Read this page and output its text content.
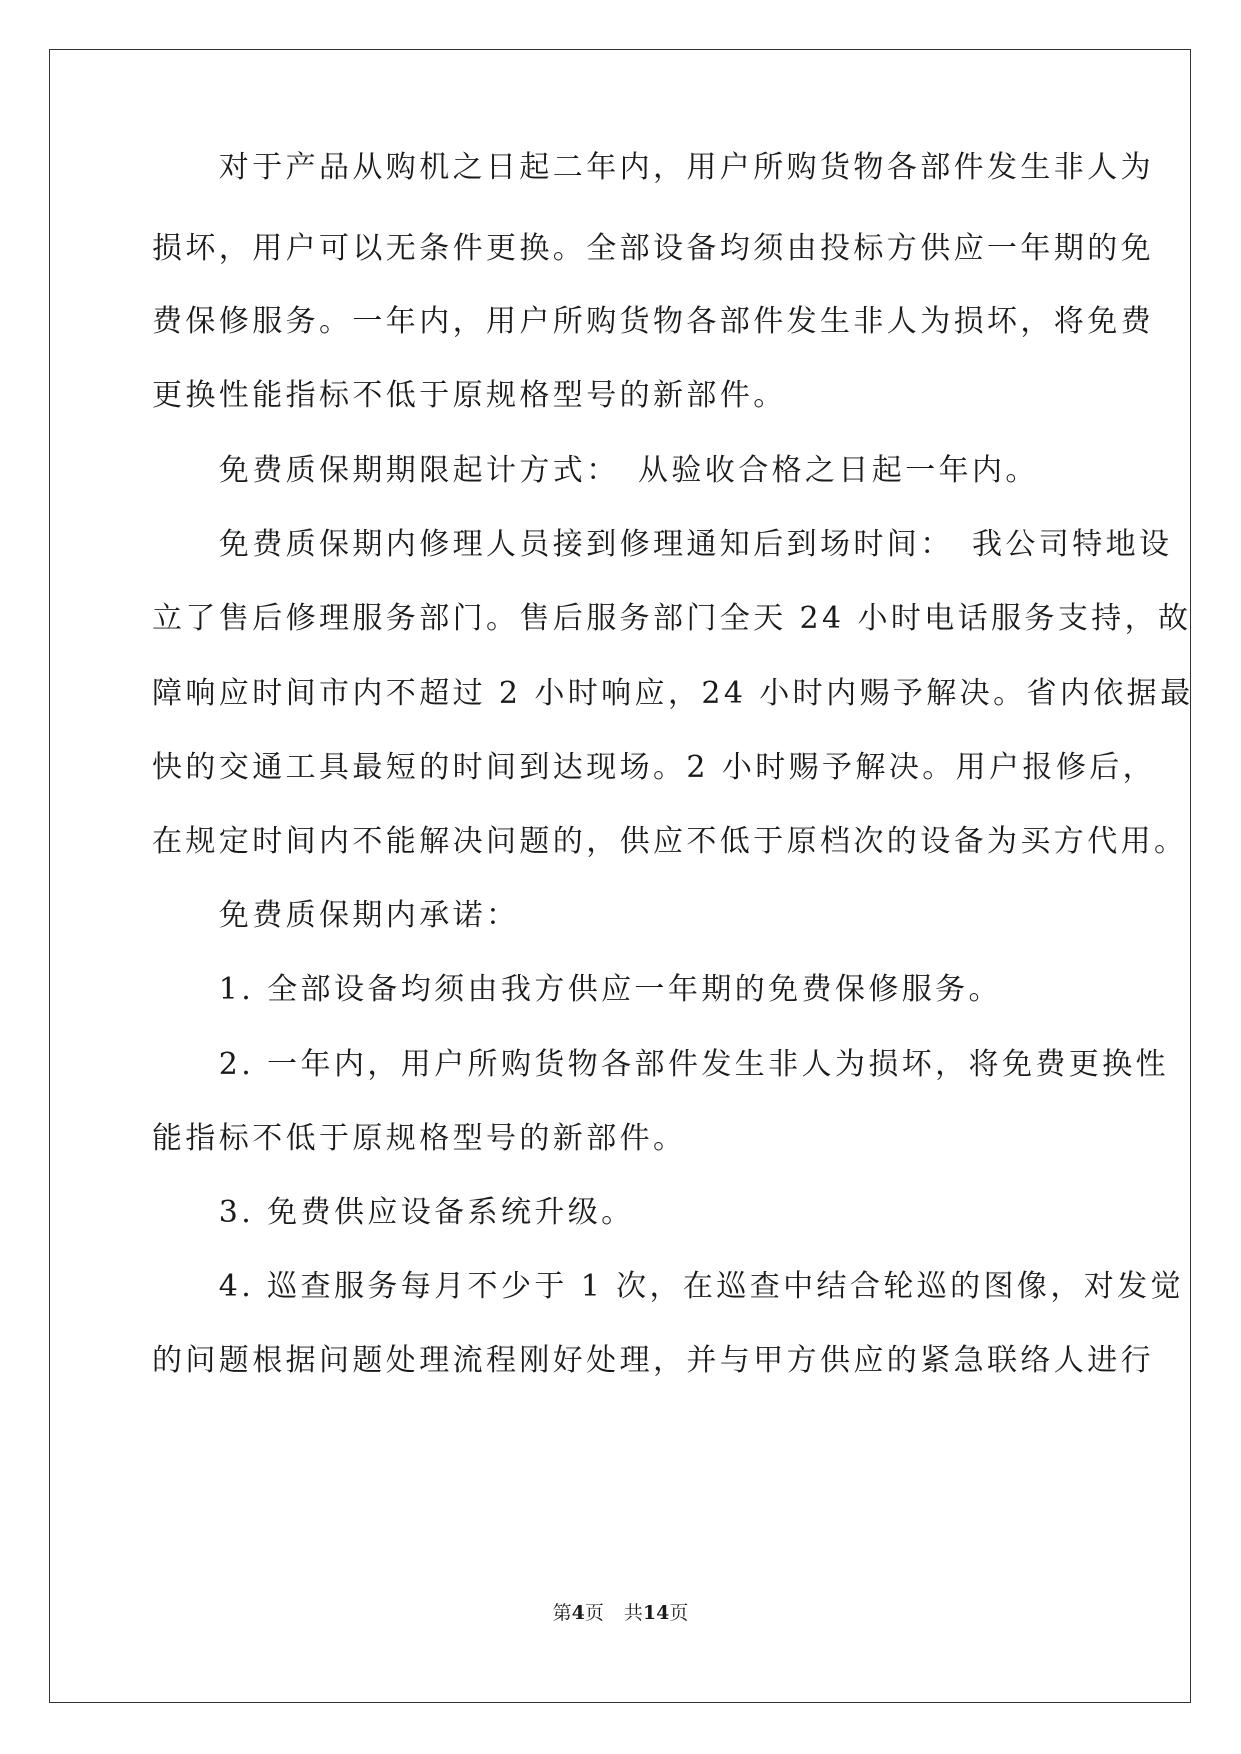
　　对于产品从购机之日起二年内，用户所购货物各部件发生非人为
损坏，用户可以无条件更换。全部设备均须由投标方供应一年期的免
费保修服务。一年内，用户所购货物各部件发生非人为损坏，将免费
更换性能指标不低于原规格型号的新部件。
　　免费质保期期限起计方式：　从验收合格之日起一年内。
　　免费质保期内修理人员接到修理通知后到场时间：　我公司特地设
立了售后修理服务部门。售后服务部门全天 24 小时电话服务支持，故
障响应时间市内不超过 2 小时响应，24 小时内赐予解决。省内依据最
快的交通工具最短的时间到达现场。2 小时赐予解决。用户报修后，
在规定时间内不能解决问题的，供应不低于原档次的设备为买方代用。
　　免费质保期内承诺：
　　1. 全部设备均须由我方供应一年期的免费保修服务。
　　2. 一年内，用户所购货物各部件发生非人为损坏，将免费更换性
能指标不低于原规格型号的新部件。
　　3. 免费供应设备系统升级。
　　4. 巡查服务每月不少于 1 次，在巡查中结合轮巡的图像，对发觉
的问题根据问题处理流程刚好处理，并与甲方供应的紧急联络人进行
第4页 共14页
